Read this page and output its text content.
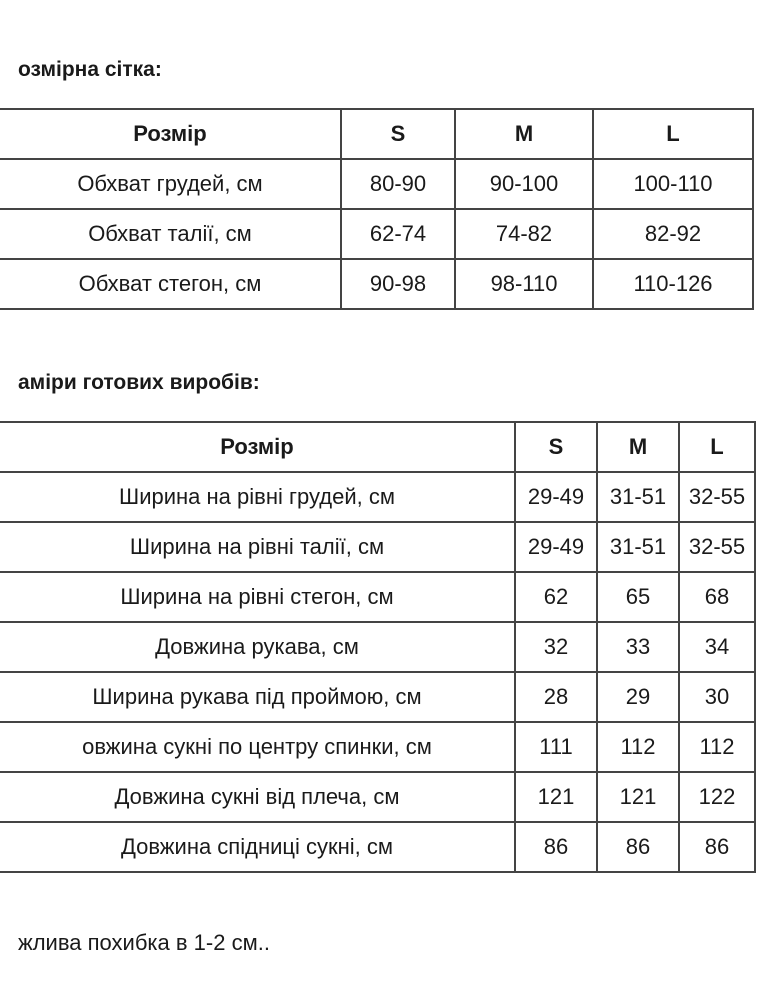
озмірна сітка:
Розмір	S	M	L
Обхват грудей, см	80-90	90-100	100-110
Обхват талії, см	62-74	74-82	82-92
Обхват стегон, см	90-98	98-110	110-126
аміри готових виробів:
Розмір	S	M	L
Ширина на рівні грудей, см	29-49	31-51	32-55
Ширина на рівні талії, см	29-49	31-51	32-55
Ширина на рівні стегон, см	62	65	68
Довжина рукава, см	32	33	34
Ширина рукава під проймою, см	28	29	30
овжина сукні по центру спинки, см	111	112	112
Довжина сукні від плеча, см	121	121	122
Довжина спідниці сукні, см	86	86	86

жлива похибка в 1-2 см..
